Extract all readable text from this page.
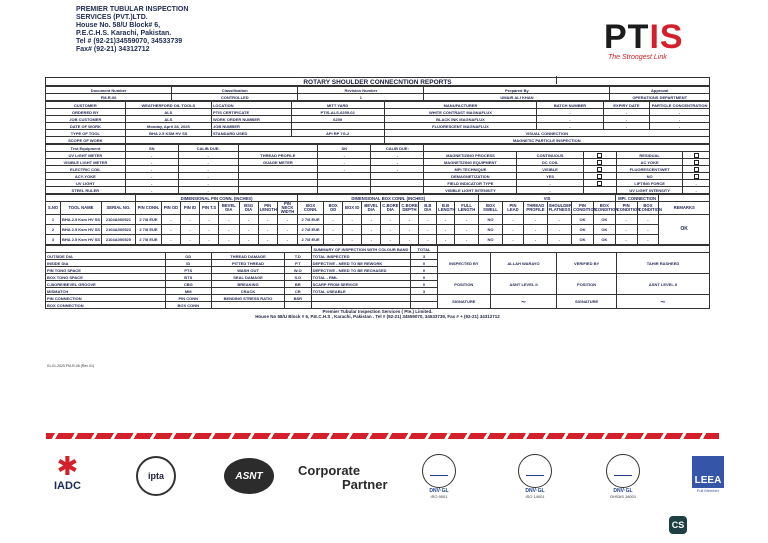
PREMIER TUBULAR INSPECTION
SERVICES (PVT.)LTD.
House No. 58/U Block# 6,
P.E.C.H.S. Karachi, Pakistan.
Tel # (92-21)34559070, 34533739
Fax# (92-21) 34312712	PTIS
The Strongest Link
ROTARY SHOULDER CONNECNTION REPORTS
Document Number	Classification	Revision Number	Prepared By	Approval
FM-R-06	CONTROLLED	1	UMAIR ALI KHAN	OPERATIONS DEPARTMENT
CUSTOMER	WEATHERFORD OIL TOOLS	LOCATION	MITT YARD	MANUFACTURER	BATCH NUMBER	EXPIRY DATE	PARTICLE CONCENTRATION
ORDERED BY	ALS	PTIS CERTIFICATE	PTIS-ALS-6259-02	WHITE CONTRAST MAGNAFLUX	-	-	-
JOB CUSTOMER	ALS	WORK ORDER NUMBER	6259	BLACK INK MAGNAFLUX	-	-	-
DATE OF WORK	Monday, April 28, 2025	JOB NUMBER		FLUORESCENT MAGNAFLUX	-	-	-
TYPE OF TOOL	BHA 2.5 KSM HV SS	STANDARD USED	API RP 7G-2	VISUAL CONNECTION			
SCOPE OF WORK				MAGNETIC PARTICLE INSPECTION			
Test Equipment	SN	CALIB DUE:		SN	CALIB DUE:					
UV LIGHT METER	-	-	THREAD PROFILE	-	-	MAGNETIZING PROCESS	CONTINUOUS		RESIDUAL	
VISIBLE LIGHT METER	-	-	GUAGE METER	-	-	MAGNETIZING EQUIPMENT	DC COIL		AC YOKE	
ELECTRIC COIL	-	-		-	-	MPI TECHNIQUE	VISIBLE		FLUORESCENT/WET	
ACY-YOKE	-	-				DEMAGNETIZATION	YES		NO	
UV LIGHT	-	-				FIELD INDICATOR TYPE	-		LIFTING FORCE	-
STEEL RULER	-	-				VISIBLE LIGHT INTENSITY	-		UV LIGHT INTENSITY	-
			DIMENSIONAL PIN CONN. (INCHES)								DIMENSIONAL BOX CONN. (INCHES)									VIS						MPI. CONNECTION		
S.NO	TOOL NAME	SERIAL NO.	PIN CONN.	PIN OD	PIN ID	PIN T.S	BEVEL DIA	BSG DIA	PIN LENGTH	PIN NECK WIDTH	BOX CONN.	BOX OD	BOX ID	BEVEL DIA	C.BORE DIA	C.BORE DEPTH	B.B DIA	B.B LENGTH	FULL LENGTH	BOX SWELL	PIN LEAD	THREAD PROFILE	SHOULDER FLATNESS	PIN CONDITION	BOX CONDITION	PIN CONDITION	BOX CONDITION	REMARKS
1	BHA 2.5 Ksm HV SS	2104A000521	2 7/8 EUE	-	-	-	-	-	-	-	2 7/8 EUE	-	-	-	-	-	-	-	-	NO	-	-	-	OK	OK	-	-	OK
2	BHA 2.5 Ksm HV SS	2104A000523	2 7/8 EUE	-	-	-	-	-	-	-	2 7/8 EUE	-	-	-	-	-	-	-	-	NO	-	-	-	OK	OK	-	-	
3	BHA 2.5 Ksm HV SS	2104A000525	2 7/8 EUE	-	-	-	-	-	-	-	2 7/8 EUE	-	-	-	-	-	-	-	-	NO	-	-	-	OK	OK	-	-	
				SUMMARY OF INSPECTION WITH COLOUR BAND	TOTAL				
OUTSIDE DIA	OD	THREAD DAMAGE	T.D	TOTAL INSPECTED	3	INSPECTED BY	ALLAH WARAYO	VERIFIED BY	TAHIR RASHEED
INSIDE DIA	ID	PITTED THREAD	P.T	DEFECTIVE - NEED TO BE REWORK	0				
PIN TONG SPACE	PTS	WASH OUT	W.O	DEFECTIVE - NEED TO BE RECHASED	0				
BOX TONG SPACE	BTS	SEAL DAMAGE	S.D	TOTAL - RML	0	POSITION	ASNT LEVEL II	POSITION	ASNT LEVEL II
C-BORE/BEVEL GROOVE	CBG	BREAKING	BR	SCARP FROM SERVICE	0				
MISMATCH	MM	CRACK	CR	TOTAL USEABLE	3				
PIN CONNECTION	PIN CONN	BENDING STRESS RATIO	BSR			SIGNATURE	~	SIGNATURE	~
BOX CONNECTION	BOX CONN								
Premier Tubular Inspection Services ( Pte.) Limited.
House No 58/U Block # 6, P.E.C.H.S , Karachi, Pakistan . Tel # (92-21) 34559070, 34533739, Fax # + (92-21) 34312712
01-01-2020 FM-R-06 (Rev 01)
✱
IADC
ipta	ASNT	Corporate
Partner	DNV·GL
ISO 9001
DNV·GL
ISO 14001
DNV·GL
OHSAS 18001
LEEA
Full Member
CS
